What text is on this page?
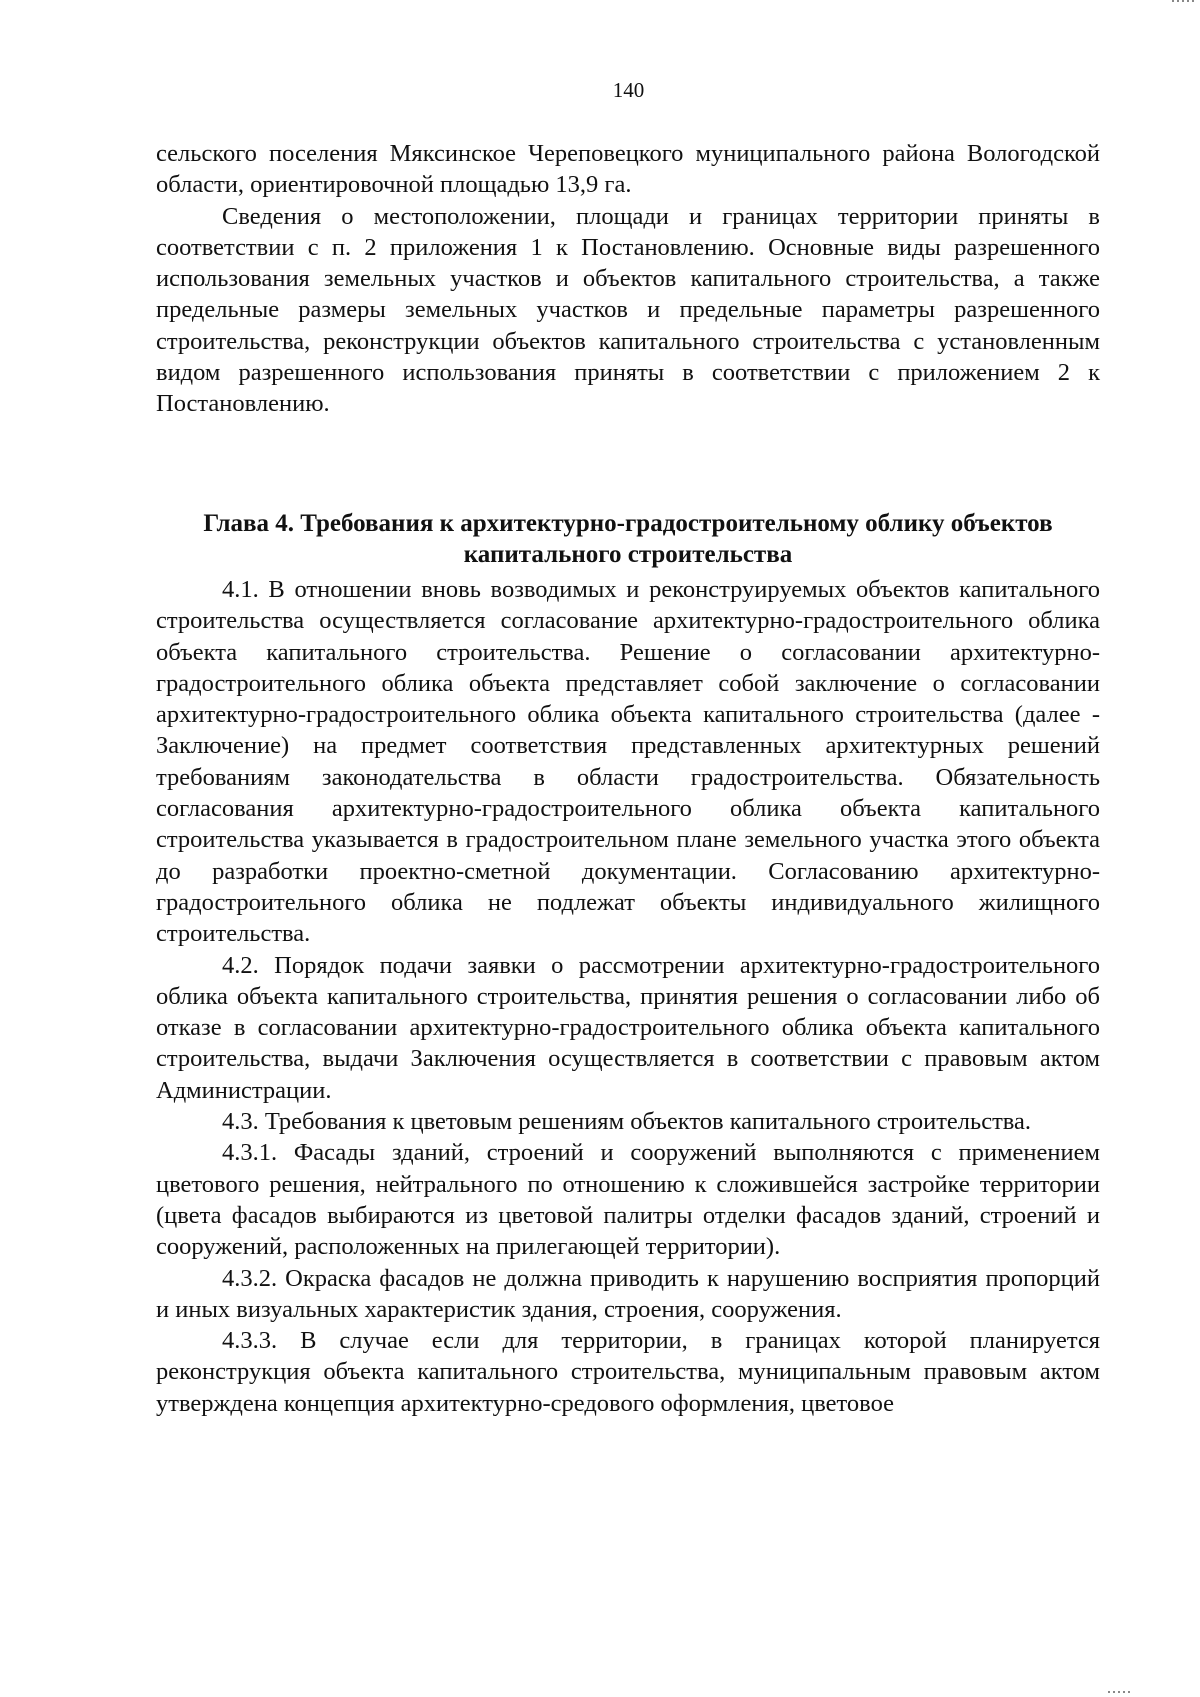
140

сельского поселения Мяксинское Череповецкого муниципального района Вологодской области, ориентировочной площадью 13,9 га.

Сведения о местоположении, площади и границах территории приняты в соответствии с п. 2 приложения 1 к Постановлению. Основные виды разрешенного использования земельных участков и объектов капитального строительства, а также предельные размеры земельных участков и предельные параметры разрешенного строительства, реконструкции объектов капитального строительства с установленным видом разрешенного использования приняты в соответствии с приложением 2 к Постановлению.

Глава 4. Требования к архитектурно-градостроительному облику объектов
капитального строительства

4.1. В отношении вновь возводимых и реконструируемых объектов капитального строительства осуществляется согласование архитектурно-градостроительного облика объекта капитального строительства. Решение о согласовании архитектурно-градостроительного облика объекта представляет собой заключение о согласовании архитектурно-градостроительного облика объекта капитального строительства (далее - Заключение) на предмет соответствия представленных архитектурных решений требованиям законодательства в области градостроительства. Обязательность согласования архитектурно-градостроительного облика объекта капитального строительства указывается в градостроительном плане земельного участка этого объекта до разработки проектно-сметной документации. Согласованию архитектурно-градостроительного облика не подлежат объекты индивидуального жилищного строительства.

4.2. Порядок подачи заявки о рассмотрении архитектурно-градостроительного облика объекта капитального строительства, принятия решения о согласовании либо об отказе в согласовании архитектурно-градостроительного облика объекта капитального строительства, выдачи Заключения осуществляется в соответствии с правовым актом Администрации.

4.3. Требования к цветовым решениям объектов капитального строительства.

4.3.1. Фасады зданий, строений и сооружений выполняются с применением цветового решения, нейтрального по отношению к сложившейся застройке территории (цвета фасадов выбираются из цветовой палитры отделки фасадов зданий, строений и сооружений, расположенных на прилегающей территории).

4.3.2. Окраска фасадов не должна приводить к нарушению восприятия пропорций и иных визуальных характеристик здания, строения, сооружения.

4.3.3. В случае если для территории, в границах которой планируется реконструкция объекта капитального строительства, муниципальным правовым актом утверждена концепция архитектурно-средового оформления, цветовое
